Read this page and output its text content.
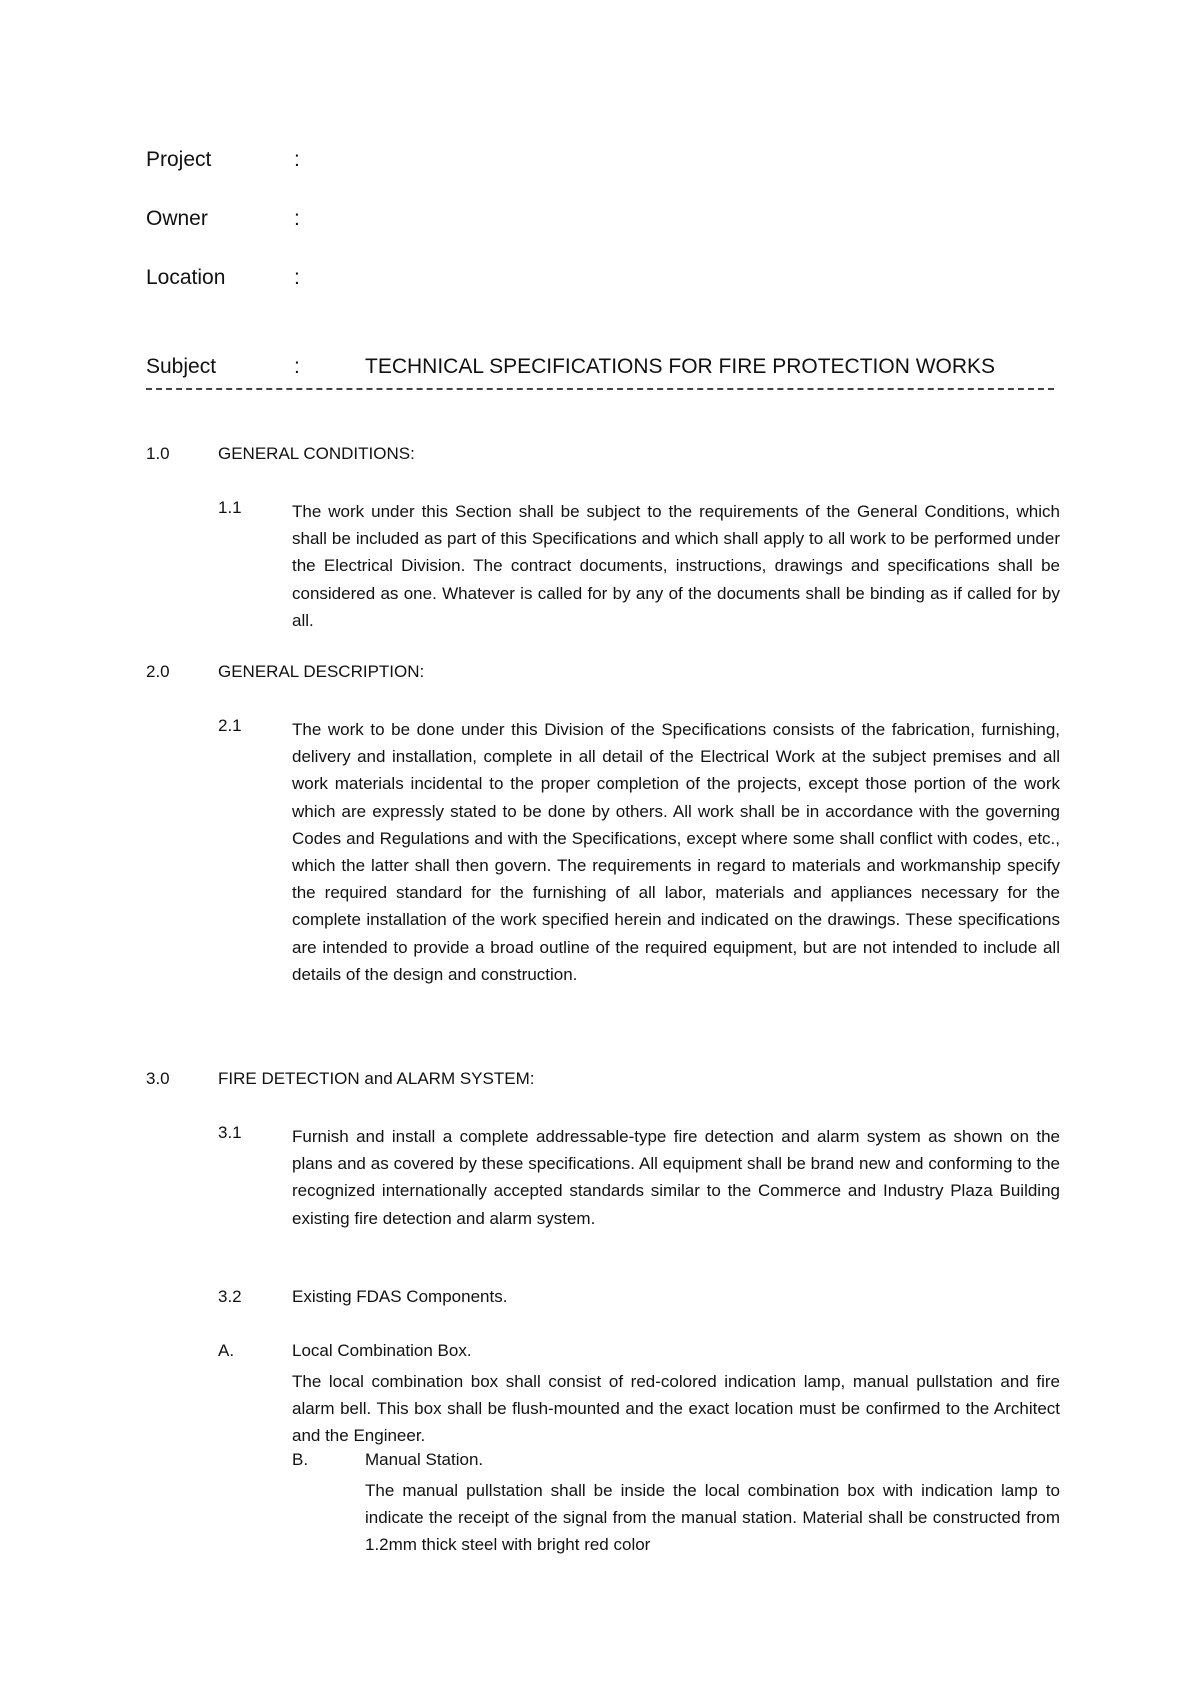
Project	:
Owner	:
Location	:
Subject	:	TECHNICAL SPECIFICATIONS FOR FIRE PROTECTION WORKS
1.0	GENERAL CONDITIONS:
1.1	The work under this Section shall be subject to the requirements of the General Conditions, which shall be included as part of this Specifications and which shall apply to all work to be performed under the Electrical Division. The contract documents, instructions, drawings and specifications shall be considered as one. Whatever is called for by any of the documents shall be binding as if called for by all.
2.0	GENERAL DESCRIPTION:
2.1	The work to be done under this Division of the Specifications consists of the fabrication, furnishing, delivery and installation, complete in all detail of the Electrical Work at the subject premises and all work materials incidental to the proper completion of the projects, except those portion of the work which are expressly stated to be done by others. All work shall be in accordance with the governing Codes and Regulations and with the Specifications, except where some shall conflict with codes, etc., which the latter shall then govern. The requirements in regard to materials and workmanship specify the required standard for the furnishing of all labor, materials and appliances necessary for the complete installation of the work specified herein and indicated on the drawings. These specifications are intended to provide a broad outline of the required equipment, but are not intended to include all details of the design and construction.
3.0	FIRE DETECTION and ALARM SYSTEM:
3.1	Furnish and install a complete addressable-type fire detection and alarm system as shown on the plans and as covered by these specifications. All equipment shall be brand new and conforming to the recognized internationally accepted standards similar to the Commerce and Industry Plaza Building existing fire detection and alarm system.
3.2	Existing FDAS Components.
A.	Local Combination Box.
The local combination box shall consist of red-colored indication lamp, manual pullstation and fire alarm bell. This box shall be flush-mounted and the exact location must be confirmed to the Architect and the Engineer.
B.	Manual Station.
The manual pullstation shall be inside the local combination box with indication lamp to indicate the receipt of the signal from the manual station. Material shall be constructed from 1.2mm thick steel with bright red color
